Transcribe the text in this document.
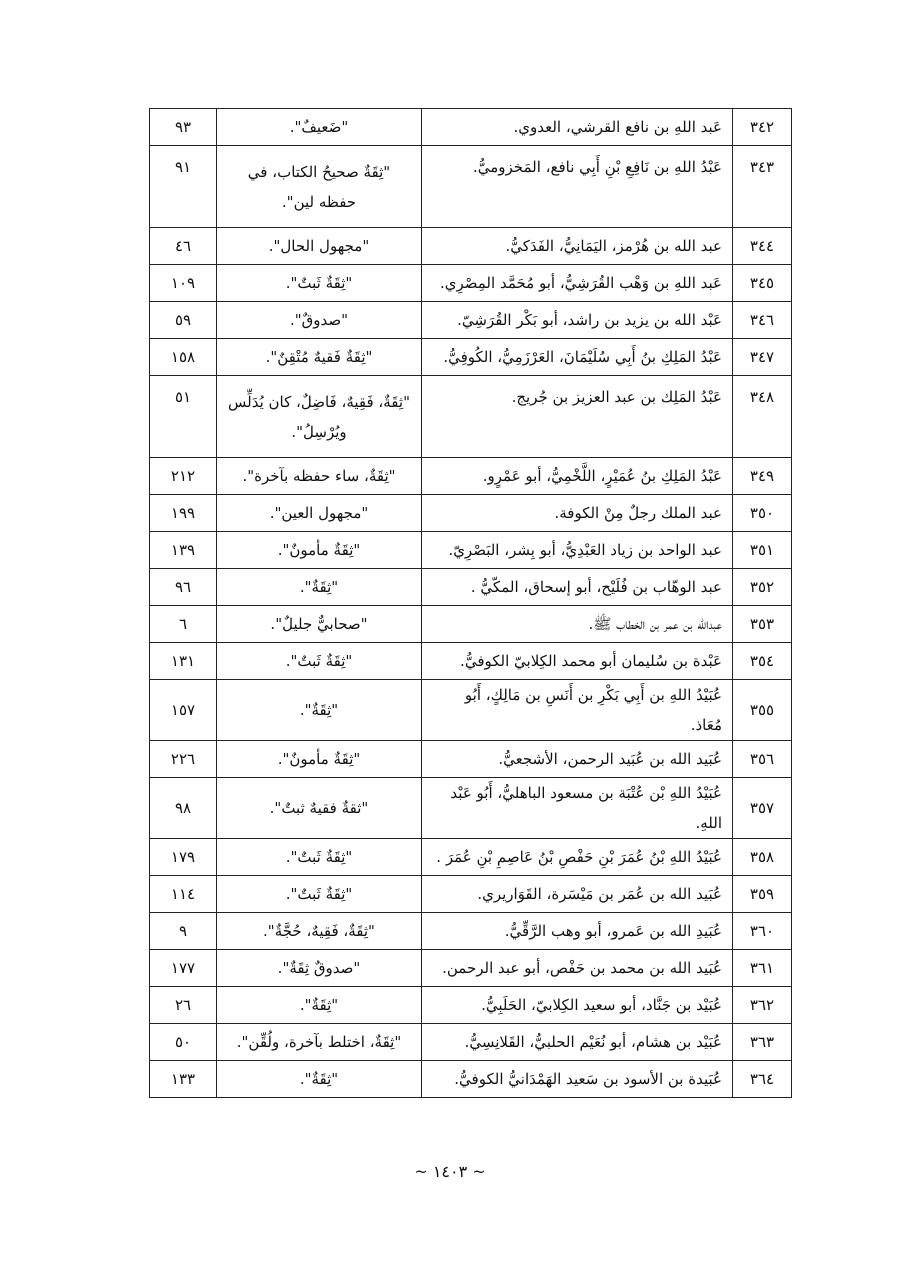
٣٤٢	عَبد اللهِ بن نافع القرشي، العدوي.	"ضَعيفٌ".	٩٣
٣٤٣	عَبْدُ اللهِ بن نَافِعِ بْنِ أَبِي نافع، المَخزوميُّ.	"ثِقَةٌ صحيحُ الكتاب، في حفظه لين".	٩١
٣٤٤	عبد الله بن هُرْمز، اليَمَانِيُّ، الفَدَكيُّ.	"مجهول الحال".	٤٦
٣٤٥	عَبد اللهِ بن وَهْب القُرَشِيُّ، أبو مُحَمَّد المِصْرِي.	"ثِقَةٌ ثَبتٌ".	١٠٩
٣٤٦	عَبْد الله بن يزيد بن راشد، أبو بَكْر القُرَشِيّ.	"صدوقٌ".	٥٩
٣٤٧	عَبْدُ المَلِكِ بنُ أَبِي سُلَيْمَانَ، العَرْزَمِيُّ، الكُوفِيُّ.	"ثِقَةٌ فَقيهٌ مُتْقِنٌ".	١٥٨
٣٤٨	عَبْدُ المَلِك بن عبد العزيز بن جُريج.	"ثِقَةٌ، فَقِيهٌ، فَاضِلٌ، كان يُدَلِّس ويُرْسِلُ".	٥١
٣٤٩	عَبْدُ المَلِكِ بنُ عُمَيْرٍ، اللَّخْمِيُّ، أبو عَمْرٍو.	"ثِقَةٌ، ساء حفظه بآخرة".	٢١٢
٣٥٠	عبد الملك رجلٌ مِنْ الكوفة.	"مجهول العين".	١٩٩
٣٥١	عبد الواحد بن زياد العَبْدِيُّ، أبو بِشر، البَصْرِيّ.	"ثِقَةٌ مأمونٌ".	١٣٩
٣٥٢	عبد الوهّاب بن فُلَيْح، أبو إسحاق، المكّيُّ .	"ثِقَةٌ".	٩٦
٣٥٣	عبدالله بن عمر بن الخطاب ﷺ.	"صحابيٌّ جليلٌ".	٦
٣٥٤	عَبْدة بن سُليمان أبو محمد الكِلابيّ الكوفيُّ.	"ثِقَةٌ ثَبتٌ".	١٣١
٣٥٥	عُبَيْدُ اللهِ بن أَبِي بَكْرِ بن أَنَسِ بن مَالِكٍ، أَبُو مُعَاذ.	"ثِقَةٌ".	١٥٧
٣٥٦	عُبَيد الله بن عُبَيد الرحمن، الأشجعيُّ.	"ثِقَةٌ مأمونٌ".	٢٢٦
٣٥٧	عُبَيْدُ اللهِ بْن عُتْبَة بن مسعود الباهليُّ، أَبُو عَبْد اللهِ.	"ثقةٌ فقيهٌ ثبتٌ".	٩٨
٣٥٨	عُبَيْدُ اللهِ بْنُ عُمَرَ بْنِ حَفْصِ بْنُ عَاصِمِ بْنِ عُمَرَ .	"ثِقَةٌ ثَبتٌ".	١٧٩
٣٥٩	عُبَيد الله بن عُمَر بن مَيْسَرة، القَوَاريري.	"ثِقَةٌ ثَبتٌ".	١١٤
٣٦٠	عُبَيدِ الله بن عَمرو، أبو وهب الرَّقِّيُّ.	"ثِقَةٌ، فَقِيهٌ، حُجَّةٌ".	٩
٣٦١	عُبَيد الله بن محمد بن حَفْص، أبو عبد الرحمن.	"صدوقٌ ثِقَةٌ".	١٧٧
٣٦٢	عُبَيْد بن جَنَّاد، أبو سعيد الكِلابيّ، الحَلَبِيُّ.	"ثِقَةٌ".	٢٦
٣٦٣	عُبَيْد بن هشام، أبو نُعَيْم الحلبيُّ، القَلانِسِيُّ.	"ثِقَةٌ، اختلط بآخرة، ولُقِّن".	٥٠
٣٦٤	عُبَيدة بن الأسود بن سَعيد الهَمْدَانيُّ الكوفيُّ.	"ثِقَةٌ".	١٣٣
~ ١٤٠٣ ~
